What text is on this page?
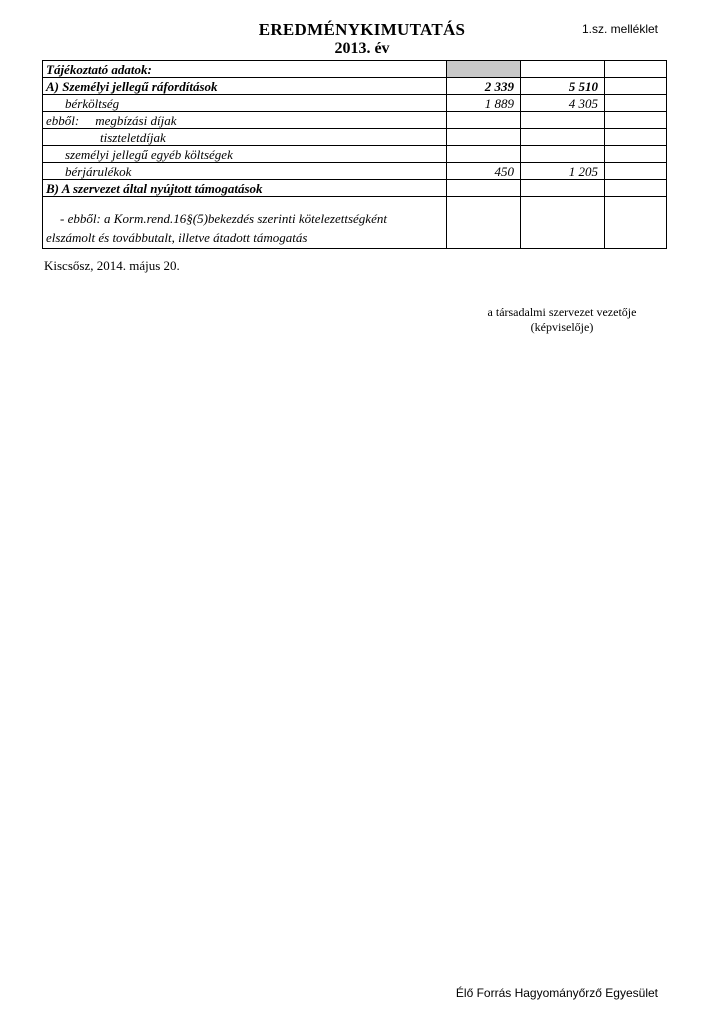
EREDMÉNYKIMUTATÁS
2013. év
1.sz. melléklet
Tájékoztató adatok:			
A) Személyi jellegű ráfordítások	2 339	5 510	
bérköltség	1 889	4 305	
ebből: megbízási díjak			
tiszteletdíjak			
személyi jellegű egyéb költségek			
bérjárulékok	450	1 205	
B) A szervezet által nyújtott támogatások			

- ebből: a Korm.rend.16§(5)bekezdés szerinti kötelezettségként
elszámolt és továbbutalt, illetve átadott támogatás			

Kiscsősz, 2014. május 20.
a társadalmi szervezet vezetője
(képviselője)
Élő Forrás Hagyományőrző Egyesület
